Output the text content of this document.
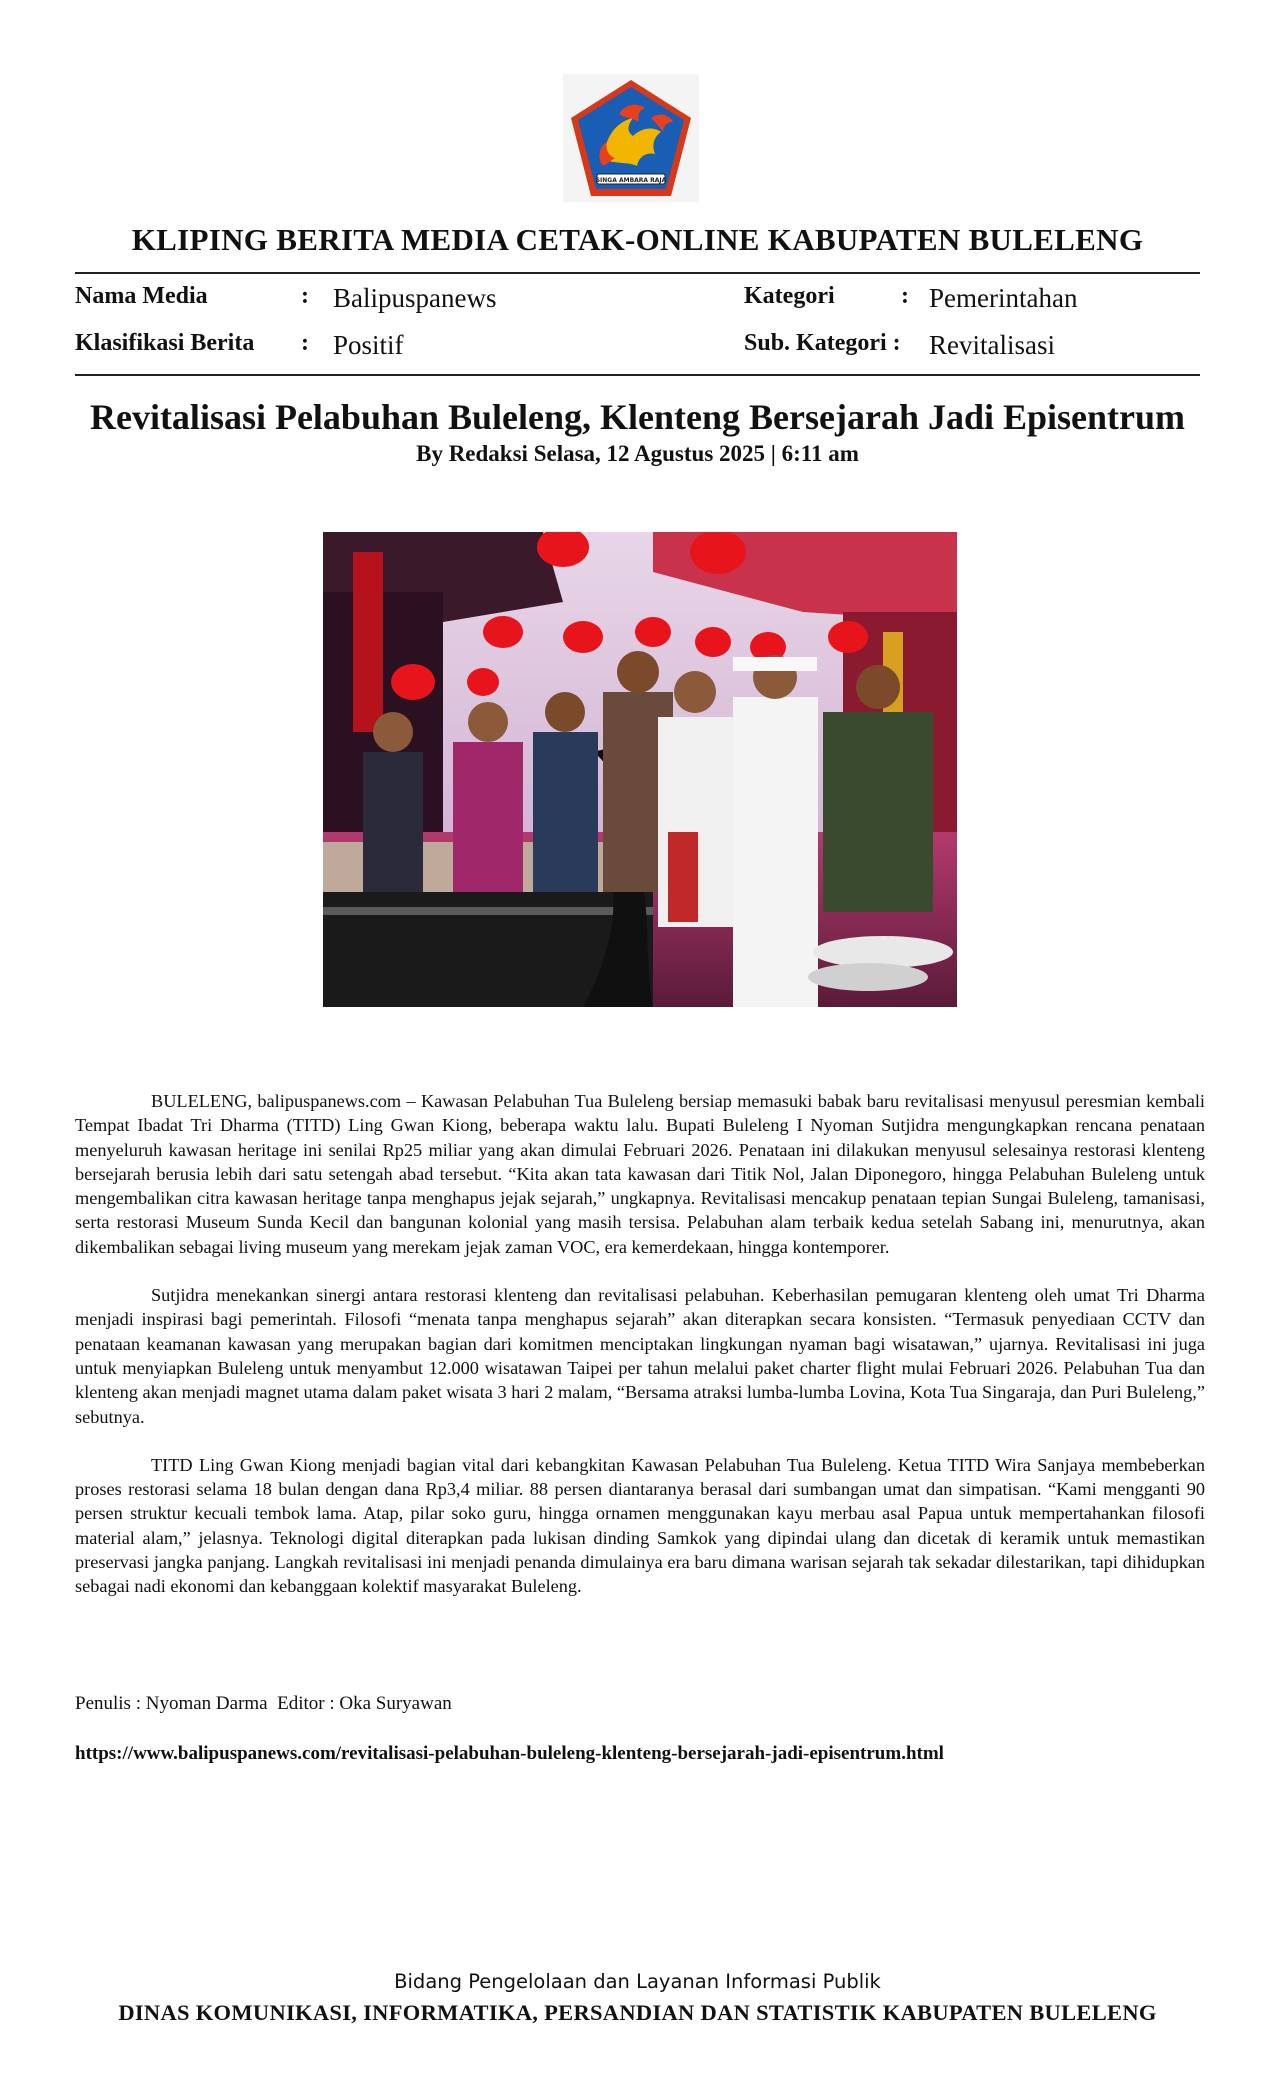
SINGA AMBARA RAJA
KLIPING BERITA MEDIA CETAK-ONLINE KABUPATEN BULELENG
Nama Media	: Balipuspanews	Kategori	: Pemerintahan
Klasifikasi Berita : Positif	Sub. Kategori : Revitalisasi
Revitalisasi Pelabuhan Buleleng, Klenteng Bersejarah Jadi Episentrum
By Redaksi Selasa, 12 Agustus 2025 | 6:11 am

BULELENG, balipuspanews.com – Kawasan Pelabuhan Tua Buleleng bersiap memasuki babak baru revitalisasi menyusul peresmian kembali Tempat Ibadat Tri Dharma (TITD) Ling Gwan Kiong, beberapa waktu lalu. Bupati Buleleng I Nyoman Sutjidra mengungkapkan rencana penataan menyeluruh kawasan heritage ini senilai Rp25 miliar yang akan dimulai Februari 2026. Penataan ini dilakukan menyusul selesainya restorasi klenteng bersejarah berusia lebih dari satu setengah abad tersebut. “Kita akan tata kawasan dari Titik Nol, Jalan Diponegoro, hingga Pelabuhan Buleleng untuk mengembalikan citra kawasan heritage tanpa menghapus jejak sejarah,” ungkapnya. Revitalisasi mencakup penataan tepian Sungai Buleleng, tamanisasi, serta restorasi Museum Sunda Kecil dan bangunan kolonial yang masih tersisa. Pelabuhan alam terbaik kedua setelah Sabang ini, menurutnya, akan dikembalikan sebagai living museum yang merekam jejak zaman VOC, era kemerdekaan, hingga kontemporer.

Sutjidra menekankan sinergi antara restorasi klenteng dan revitalisasi pelabuhan. Keberhasilan pemugaran klenteng oleh umat Tri Dharma menjadi inspirasi bagi pemerintah. Filosofi “menata tanpa menghapus sejarah” akan diterapkan secara konsisten. “Termasuk penyediaan CCTV dan penataan keamanan kawasan yang merupakan bagian dari komitmen menciptakan lingkungan nyaman bagi wisatawan,” ujarnya. Revitalisasi ini juga untuk menyiapkan Buleleng untuk menyambut 12.000 wisatawan Taipei per tahun melalui paket charter flight mulai Februari 2026. Pelabuhan Tua dan klenteng akan menjadi magnet utama dalam paket wisata 3 hari 2 malam, “Bersama atraksi lumba-lumba Lovina, Kota Tua Singaraja, dan Puri Buleleng,” sebutnya.

TITD Ling Gwan Kiong menjadi bagian vital dari kebangkitan Kawasan Pelabuhan Tua Buleleng. Ketua TITD Wira Sanjaya membeberkan proses restorasi selama 18 bulan dengan dana Rp3,4 miliar. 88 persen diantaranya berasal dari sumbangan umat dan simpatisan. “Kami mengganti 90 persen struktur kecuali tembok lama. Atap, pilar soko guru, hingga ornamen menggunakan kayu merbau asal Papua untuk mempertahankan filosofi material alam,” jelasnya. Teknologi digital diterapkan pada lukisan dinding Samkok yang dipindai ulang dan dicetak di keramik untuk memastikan preservasi jangka panjang. Langkah revitalisasi ini menjadi penanda dimulainya era baru dimana warisan sejarah tak sekadar dilestarikan, tapi dihidupkan sebagai nadi ekonomi dan kebanggaan kolektif masyarakat Buleleng.

Penulis : Nyoman Darma  Editor : Oka Suryawan
https://www.balipuspanews.com/revitalisasi-pelabuhan-buleleng-klenteng-bersejarah-jadi-episentrum.html
Bidang Pengelolaan dan Layanan Informasi Publik
DINAS KOMUNIKASI, INFORMATIKA, PERSANDIAN DAN STATISTIK KABUPATEN BULELENG
